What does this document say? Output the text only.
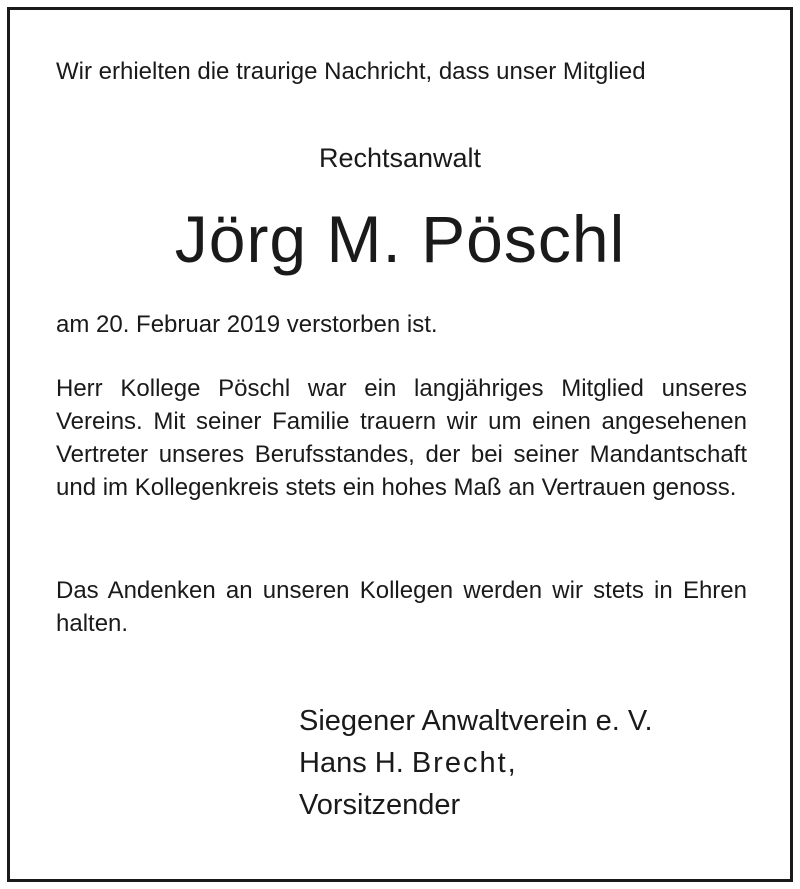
Wir erhielten die traurige Nachricht, dass unser Mitglied

Rechtsanwalt

Jörg M. Pöschl

am 20. Februar 2019 verstorben ist.

Herr Kollege Pöschl war ein langjähriges Mitglied unseres Vereins. Mit seiner Familie trauern wir um einen angesehenen Vertreter unseres Berufsstandes, der bei seiner Mandantschaft und im Kollegenkreis stets ein hohes Maß an Vertrauen genoss.

Das Andenken an unseren Kollegen werden wir stets in Ehren halten.

Siegener Anwaltverein e. V.
Hans H. Brecht,
Vorsitzender
